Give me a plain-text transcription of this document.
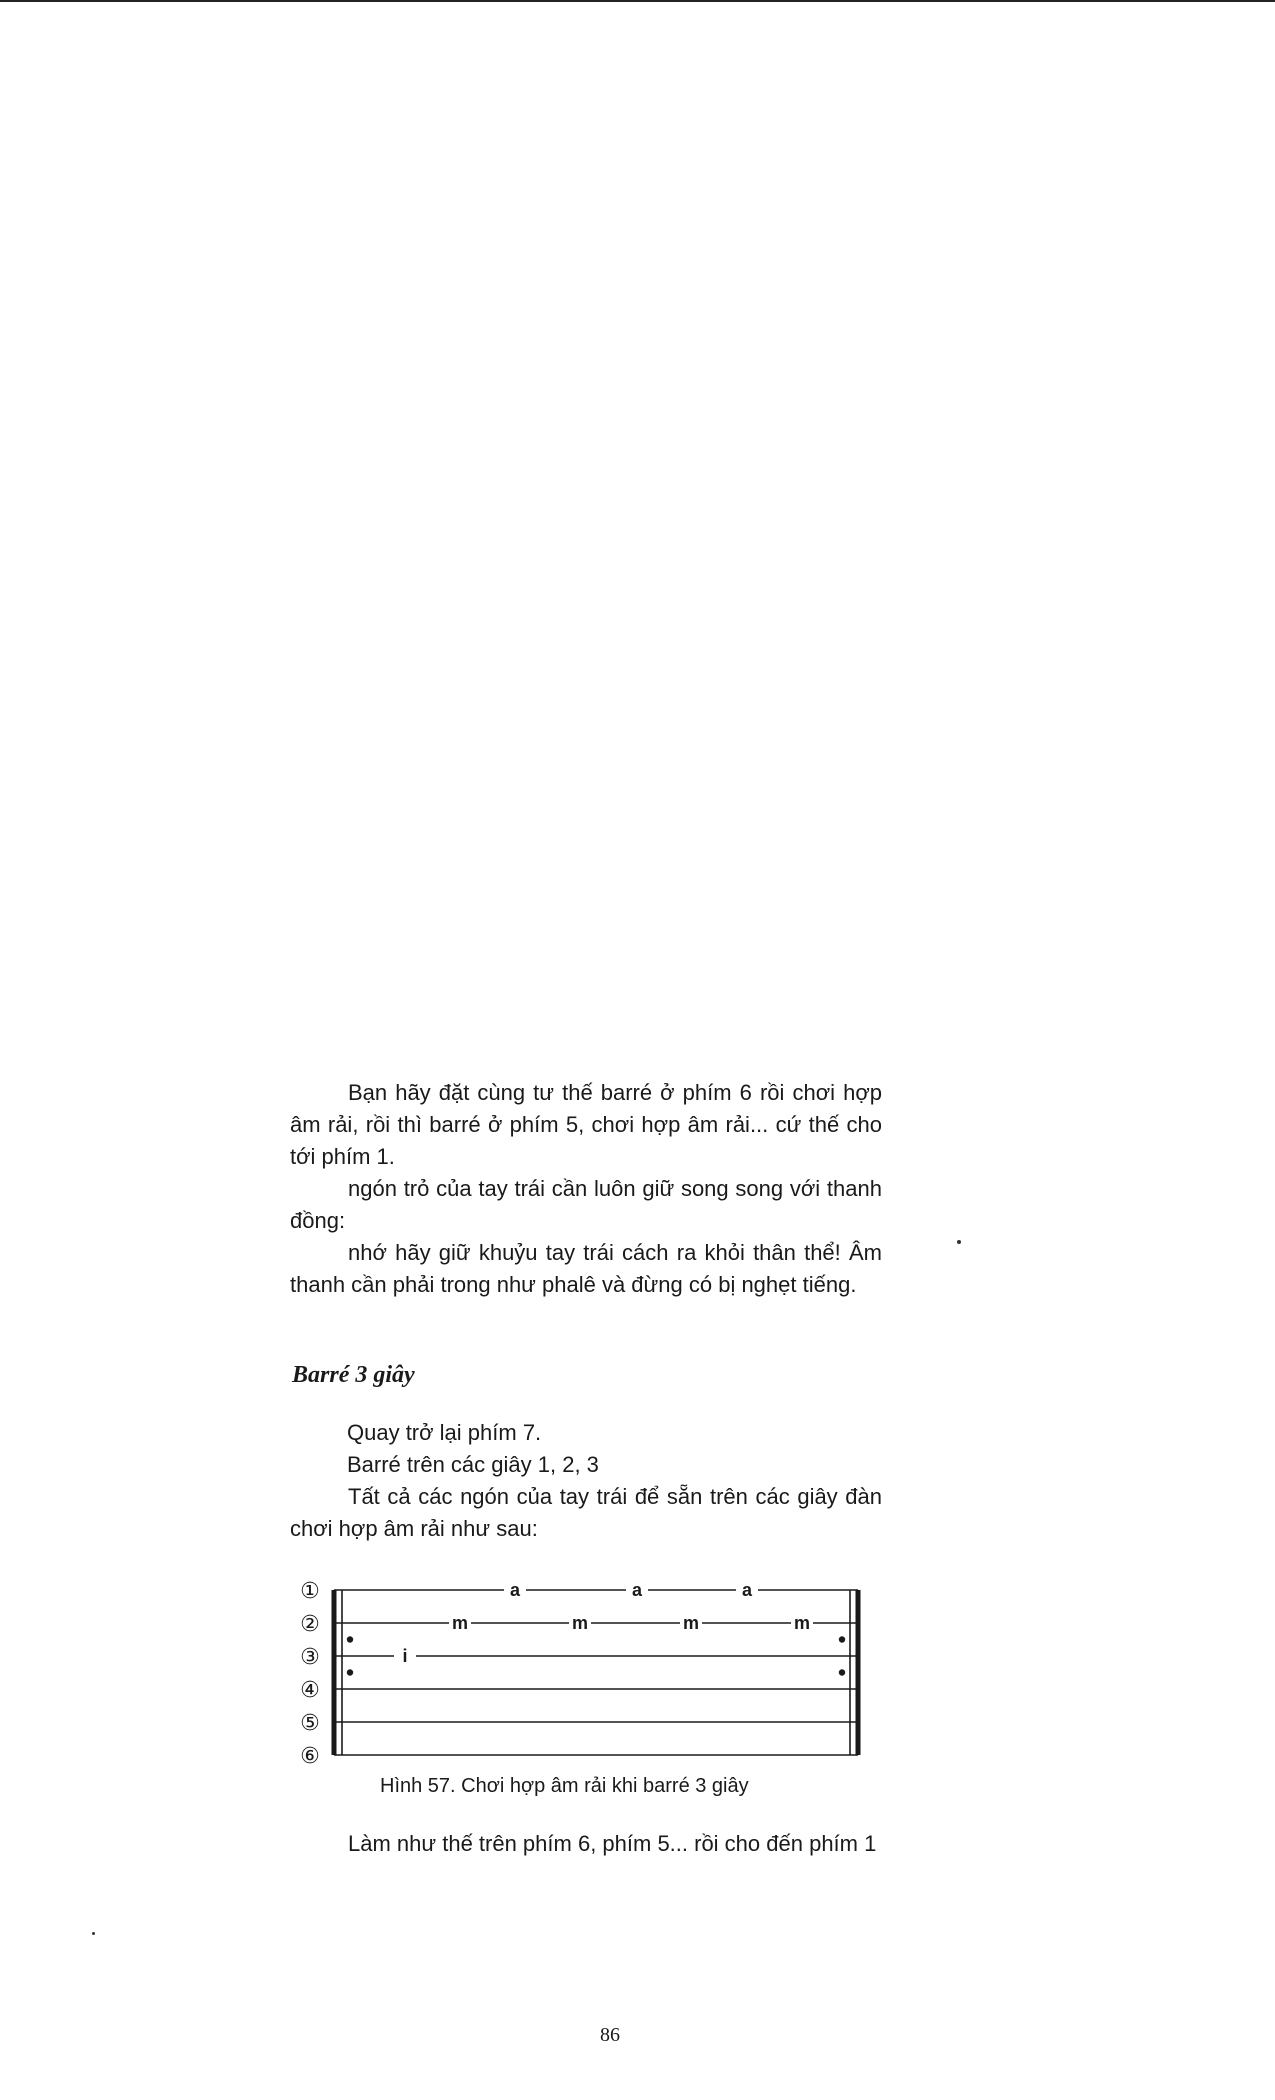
Bạn hãy đặt cùng tư thế barré ở phím 6 rồi chơi hợp âm rải, rồi thì barré ở phím 5, chơi hợp âm rải... cứ thế cho tới phím 1.

ngón trỏ của tay trái cần luôn giữ song song với thanh đồng:

nhớ hãy giữ khuỷu tay trái cách ra khỏi thân thể! Âm thanh cần phải trong như phalê và đừng có bị nghẹt tiếng.

Barré 3 giây
Quay trở lại phím 7.
Barré trên các giây 1, 2, 3

Tất cả các ngón của tay trái để sẵn trên các giây đàn chơi hợp âm rải như sau:

①
②
③
④
⑤
⑥
i
m
a
m
a
m
a
m
Hình 57. Chơi hợp âm rải khi barré 3 giây

Làm như thế trên phím 6, phím 5... rồi cho đến phím 1

86
